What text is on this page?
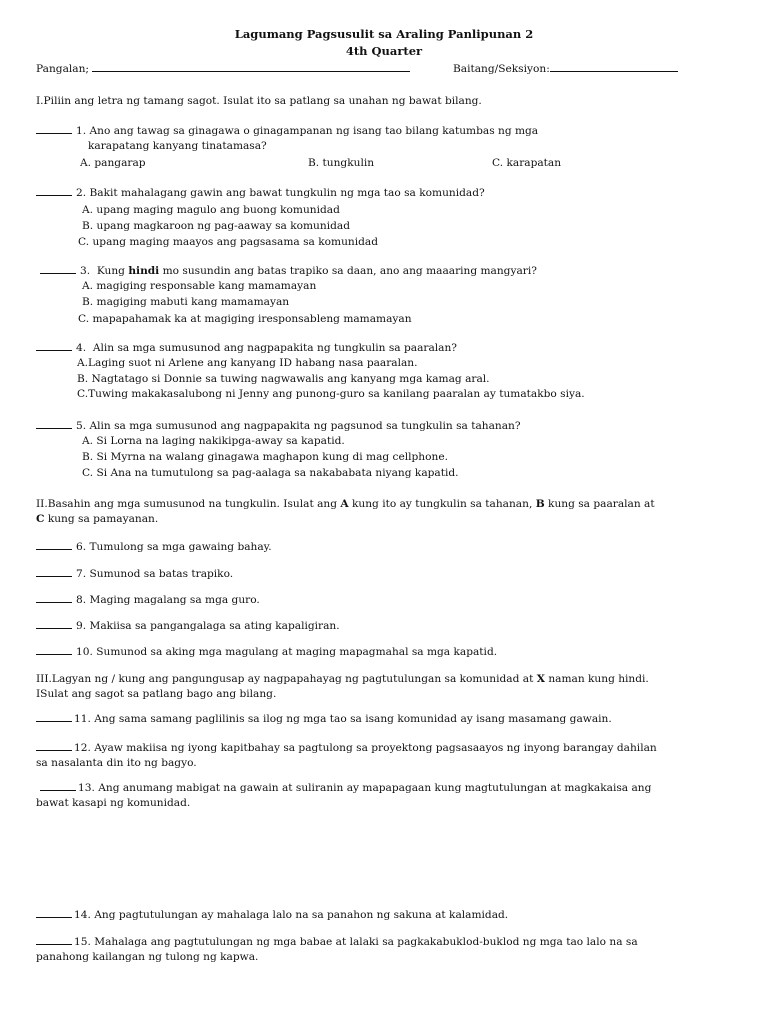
Lagumang Pagsusulit sa Araling Panlipunan 2
4th Quarter
Pangalan;	Baitang/Seksiyon:
I.Piliin ang letra ng tamang sagot. Isulat ito sa patlang sa unahan ng bawat bilang.
1. Ano ang tawag sa ginagawa o ginagampanan ng isang tao bilang katumbas ng mga
karapatang kanyang tinatamasa?
A. pangarap	B. tungkulin	C. karapatan
2. Bakit mahalagang gawin ang bawat tungkulin ng mga tao sa komunidad?
A. upang maging magulo ang buong komunidad
B. upang magkaroon ng pag-aaway sa komunidad
C. upang maging maayos ang pagsasama sa komunidad
3. Kung hindi mo susundin ang batas trapiko sa daan, ano ang maaaring mangyari?
A. magiging responsable kang mamamayan
B. magiging mabuti kang mamamayan
C. mapapahamak ka at magiging iresponsableng mamamayan
4. Alin sa mga sumusunod ang nagpapakita ng tungkulin sa paaralan?
A.Laging suot ni Arlene ang kanyang ID habang nasa paaralan.
B. Nagtatago si Donnie sa tuwing nagwawalis ang kanyang mga kamag aral.
C.Tuwing makakasalubong ni Jenny ang punong-guro sa kanilang paaralan ay tumatakbo siya.
5. Alin sa mga sumusunod ang nagpapakita ng pagsunod sa tungkulin sa tahanan?
A. Si Lorna na laging nakikipga-away sa kapatid.
B. Si Myrna na walang ginagawa maghapon kung di mag cellphone.
C. Si Ana na tumutulong sa pag-aalaga sa nakababata niyang kapatid.
II.Basahin ang mga sumusunod na tungkulin. Isulat ang A kung ito ay tungkulin sa tahanan, B kung sa paaralan at
C kung sa pamayanan.
6. Tumulong sa mga gawaing bahay.
7. Sumunod sa batas trapiko.
8. Maging magalang sa mga guro.
9. Makiisa sa pangangalaga sa ating kapaligiran.
10. Sumunod sa aking mga magulang at maging mapagmahal sa mga kapatid.
III.Lagyan ng / kung ang pangungusap ay nagpapahayag ng pagtutulungan sa komunidad at X naman kung hindi.
ISulat ang sagot sa patlang bago ang bilang.
11. Ang sama samang paglilinis sa ilog ng mga tao sa isang komunidad ay isang masamang gawain.
12. Ayaw makiisa ng iyong kapitbahay sa pagtulong sa proyektong pagsasaayos ng inyong barangay dahilan
sa nasalanta din ito ng bagyo.
13. Ang anumang mabigat na gawain at suliranin ay mapapagaan kung magtutulungan at magkakaisa ang
bawat kasapi ng komunidad.
14. Ang pagtutulungan ay mahalaga lalo na sa panahon ng sakuna at kalamidad.
15. Mahalaga ang pagtutulungan ng mga babae at lalaki sa pagkakabuklod-buklod ng mga tao lalo na sa
panahong kailangan ng tulong ng kapwa.
